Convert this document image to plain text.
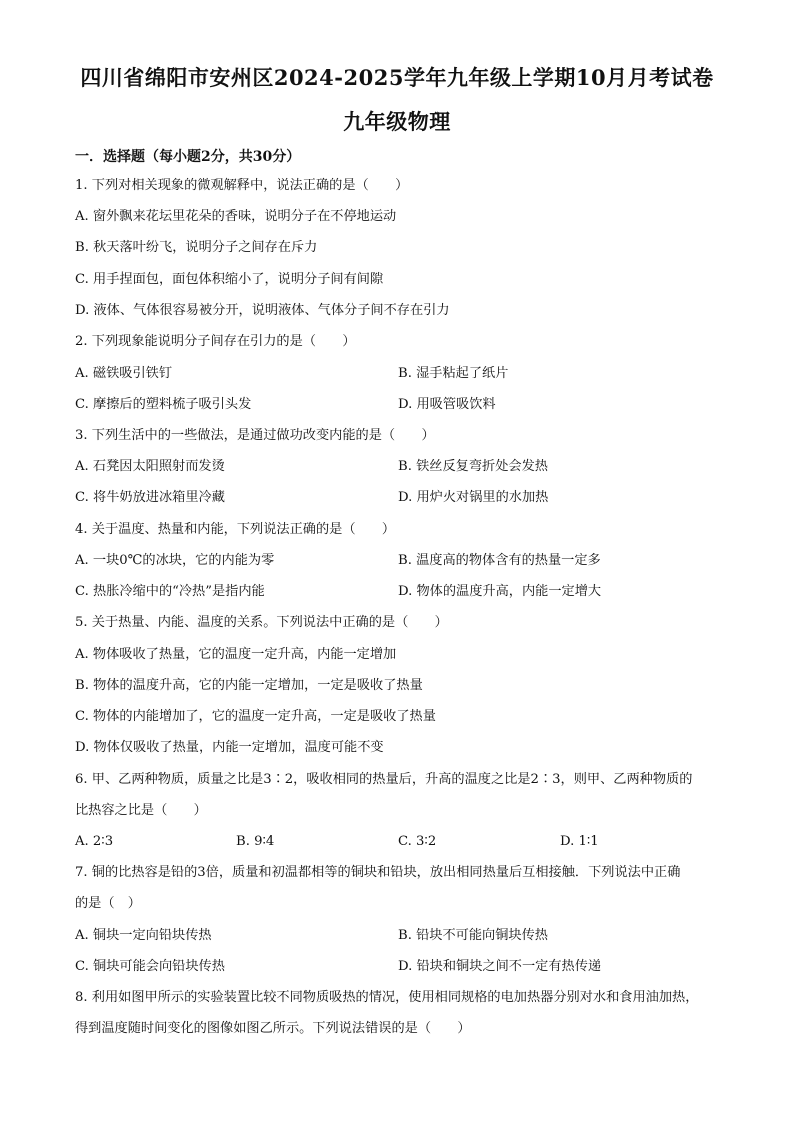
四川省绵阳市安州区2024-2025学年九年级上学期10月月考试卷
九年级物理
一．选择题（每小题2分，共30分）
1. 下列对相关现象的微观解释中，说法正确的是（　　）
A. 窗外飘来花坛里花朵的香味，说明分子在不停地运动
B. 秋天落叶纷飞，说明分子之间存在斥力
C. 用手捏面包，面包体积缩小了，说明分子间有间隙
D. 液体、气体很容易被分开，说明液体、气体分子间不存在引力
2. 下列现象能说明分子间存在引力的是（　　）
A. 磁铁吸引铁钉	B. 湿手粘起了纸片
C. 摩擦后的塑料梳子吸引头发	D. 用吸管吸饮料
3. 下列生活中的一些做法，是通过做功改变内能的是（　　）
A. 石凳因太阳照射而发烫	B. 铁丝反复弯折处会发热
C. 将牛奶放进冰箱里冷藏	D. 用炉火对锅里的水加热
4. 关于温度、热量和内能，下列说法正确的是（　　）
A. 一块0℃的冰块，它的内能为零	B. 温度高的物体含有的热量一定多
C. 热胀冷缩中的“冷热”是指内能	D. 物体的温度升高，内能一定增大
5. 关于热量、内能、温度的关系。下列说法中正确的是（　　）
A. 物体吸收了热量，它的温度一定升高，内能一定增加
B. 物体的温度升高，它的内能一定增加，一定是吸收了热量
C. 物体的内能增加了，它的温度一定升高，一定是吸收了热量
D. 物体仅吸收了热量，内能一定增加，温度可能不变
6. 甲、乙两种物质，质量之比是3∶2，吸收相同的热量后，升高的温度之比是2∶3，则甲、乙两种物质的
比热容之比是（　　）
A. 2∶3	B. 9∶4	C. 3∶2	D. 1∶1
7. 铜的比热容是铅的3倍，质量和初温都相等的铜块和铅块，放出相同热量后互相接触．下列说法中正确
的是（　）
A. 铜块一定向铅块传热	B. 铅块不可能向铜块传热
C. 铜块可能会向铅块传热	D. 铅块和铜块之间不一定有热传递
8. 利用如图甲所示的实验装置比较不同物质吸热的情况，使用相同规格的电加热器分别对水和食用油加热，
得到温度随时间变化的图像如图乙所示。下列说法错误的是（　　）
